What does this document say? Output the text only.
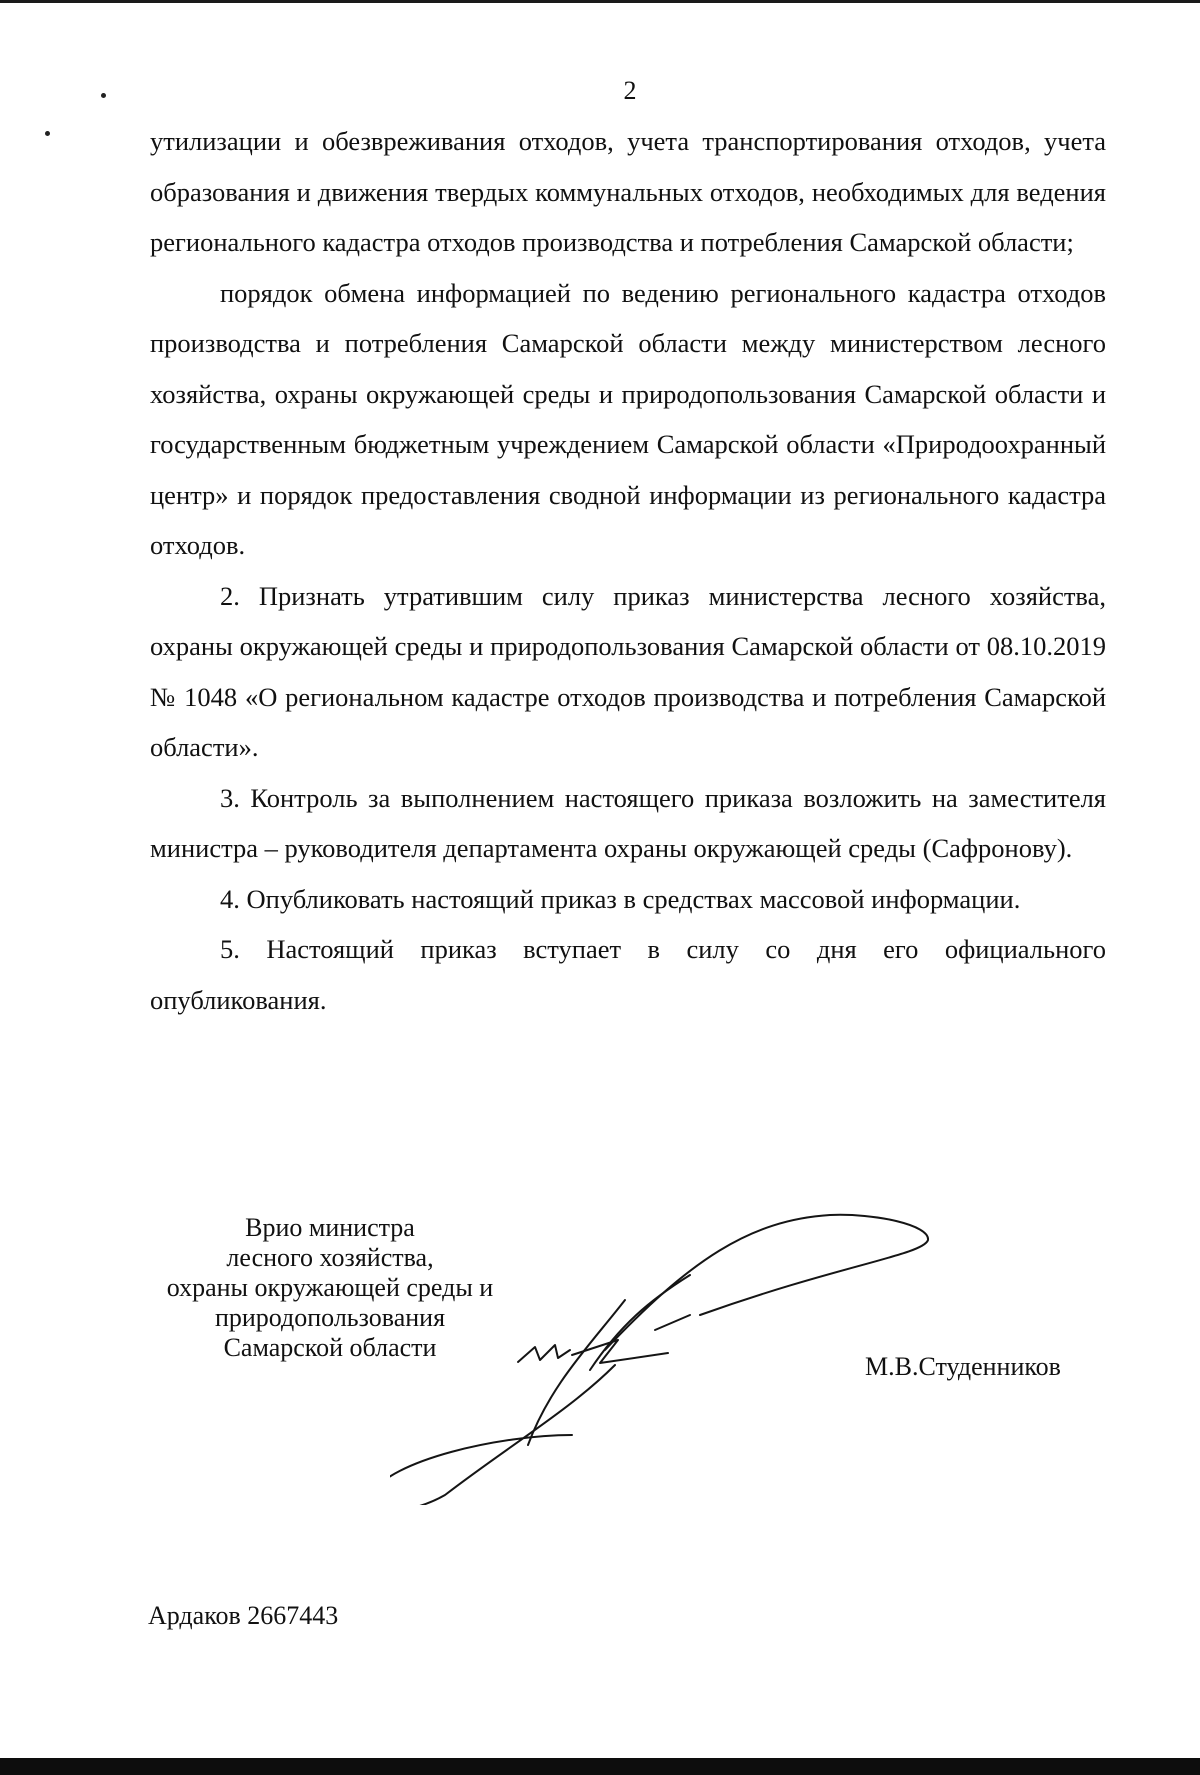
2

утилизации и обезвреживания отходов, учета транспортирования отходов, учета образования и движения твердых коммунальных отходов, необходимых для ведения регионального кадастра отходов производства и потребления Самарской области;

порядок обмена информацией по ведению регионального кадастра отходов производства и потребления Самарской области между министерством лесного хозяйства, охраны окружающей среды и природопользования Самарской области и государственным бюджетным учреждением Самарской области «Природоохранный центр» и порядок предоставления сводной информации из регионального кадастра отходов.

2. Признать утратившим силу приказ министерства лесного хозяйства, охраны окружающей среды и природопользования Самарской области от 08.10.2019 № 1048 «О региональном кадастре отходов производства и потребления Самарской области».

3. Контроль за выполнением настоящего приказа возложить на заместителя министра – руководителя департамента охраны окружающей среды (Сафронову).

4. Опубликовать настоящий приказ в средствах массовой информации.

5. Настоящий приказ вступает в силу со дня его официального опубликования.

Врио министра
лесного хозяйства,
охраны окружающей среды и
природопользования
Самарской области
М.В.Студенников
Ардаков 2667443
